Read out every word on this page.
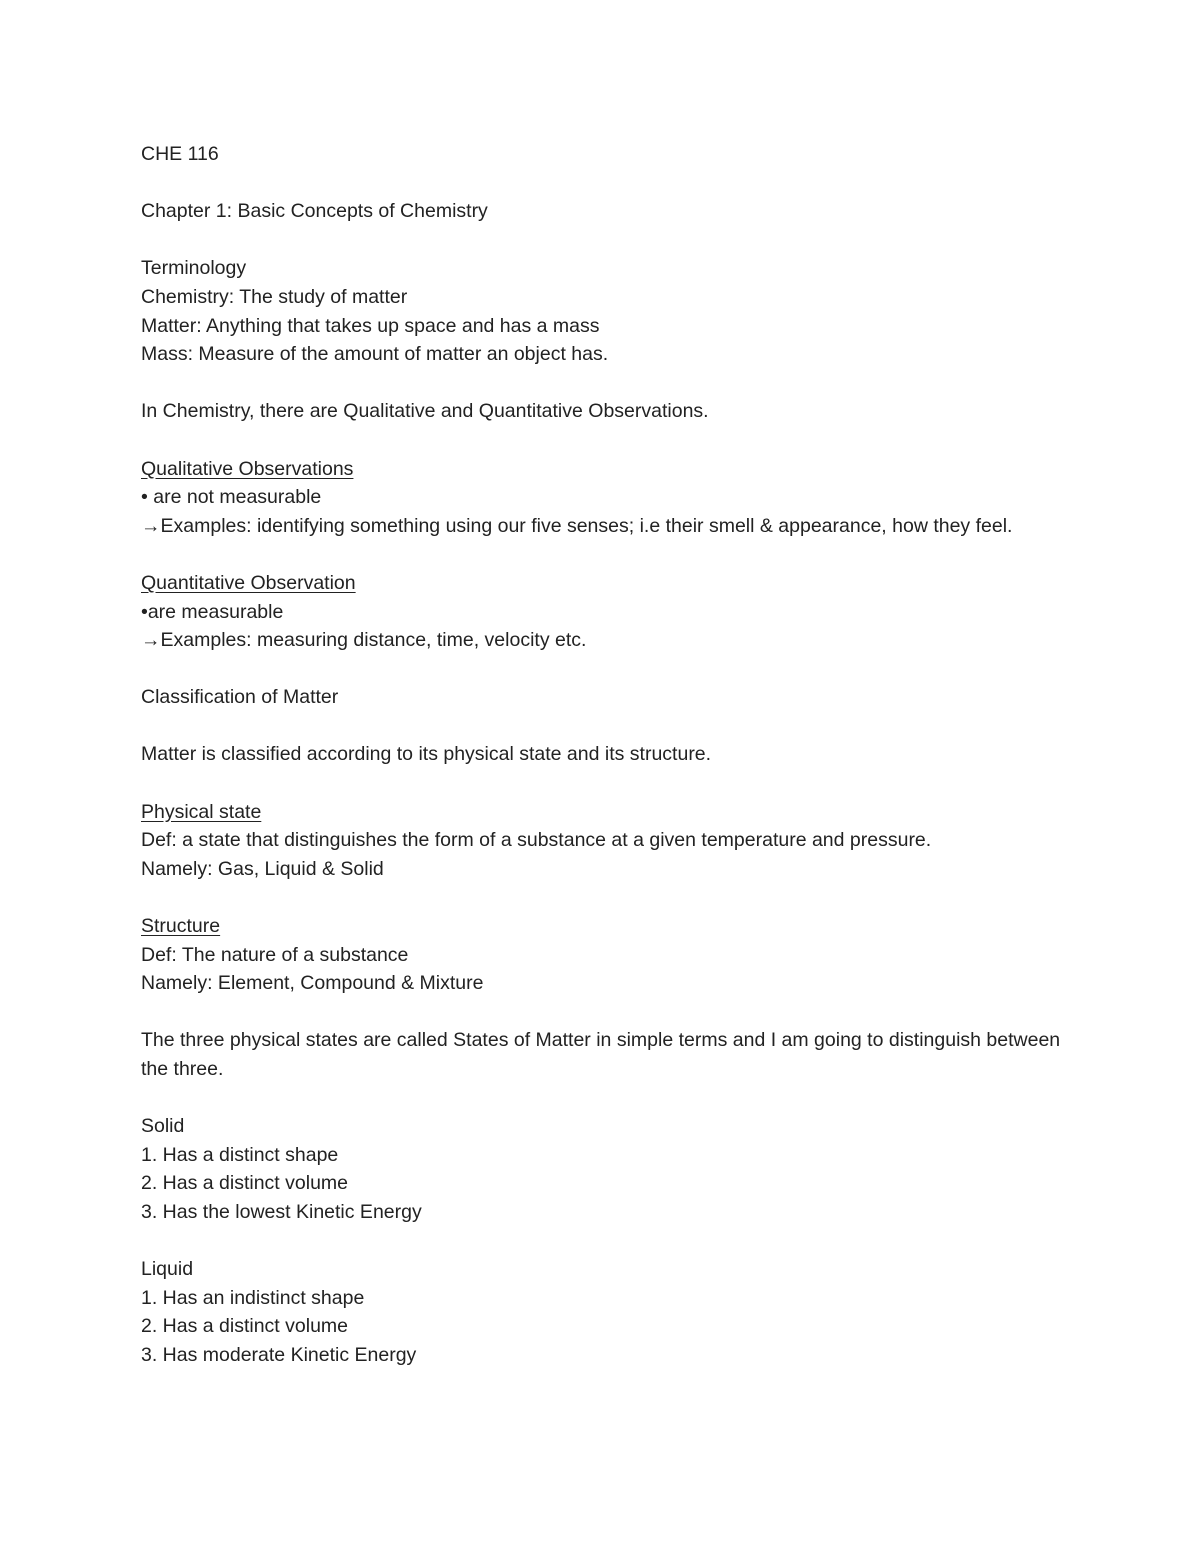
CHE 116

Chapter 1: Basic Concepts of Chemistry

Terminology

Chemistry: The study of matter

Matter: Anything that takes up space and has a mass

Mass: Measure of the amount of matter an object has.

In Chemistry, there are Qualitative and Quantitative Observations.

Qualitative Observations

• are not measurable

→Examples: identifying something using our five senses; i.e their smell & appearance, how they feel.

Quantitative Observation

•are measurable

→Examples: measuring distance, time, velocity etc.

Classification of Matter

Matter is classified according to its physical state and its structure.

Physical state

Def: a state that distinguishes the form of a substance at a given temperature and pressure.

Namely: Gas, Liquid & Solid

Structure

Def: The nature of a substance

Namely: Element, Compound & Mixture

The three physical states are called States of Matter in simple terms and I am going to distinguish between the three.

Solid

1. Has a distinct shape

2. Has a distinct volume

3. Has the lowest Kinetic Energy

Liquid

1. Has an indistinct shape

2. Has a distinct volume

3. Has moderate Kinetic Energy
